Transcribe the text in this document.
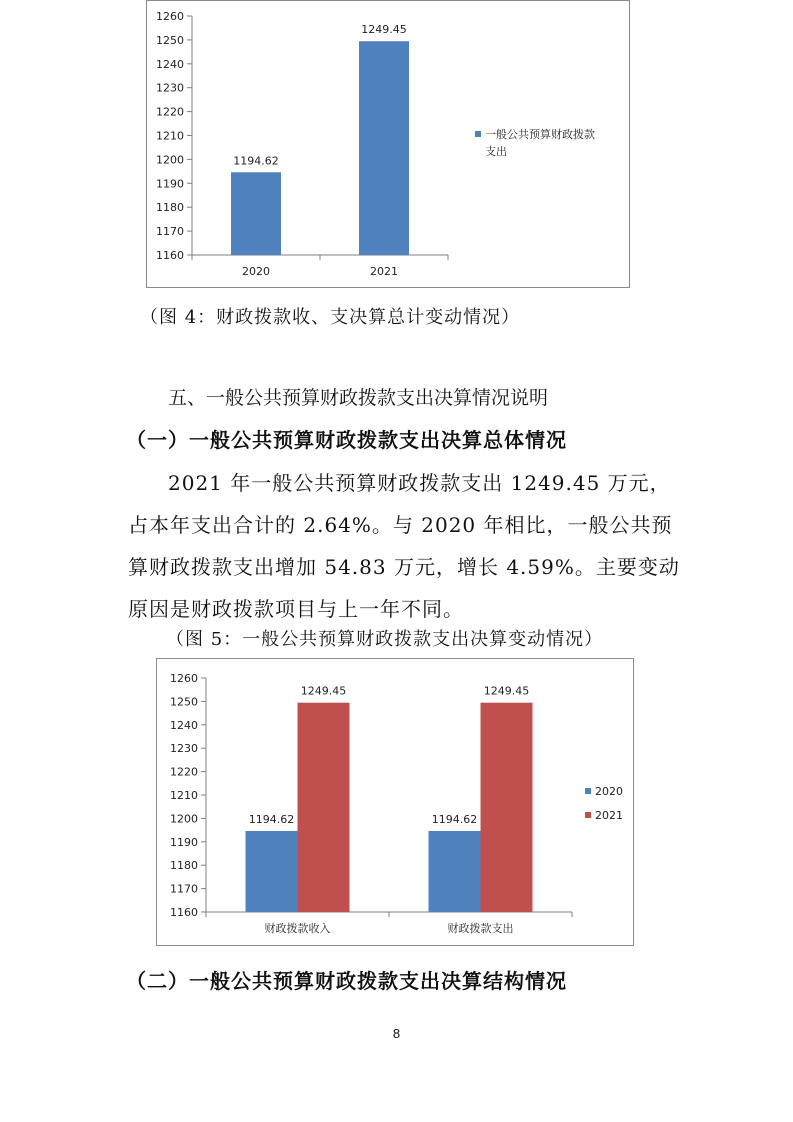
1160
1170
1180
1190
1200
1210
1220
1230
1240
1250
1260
2020
1194.62
2021
1249.45
一般公共预算财政拨款
支出
（图 4：财政拨款收、支决算总计变动情况）
五、一般公共预算财政拨款支出决算情况说明
（一）一般公共预算财政拨款支出决算总体情况

2021 年一般公共预算财政拨款支出 1249.45 万元，占本年支出合计的 2.64%。与 2020 年相比，一般公共预算财政拨款支出增加 54.83 万元，增长 4.59%。主要变动原因是财政拨款项目与上一年不同。

（图 5：一般公共预算财政拨款支出决算变动情况）
1160
1170
1180
1190
1200
1210
1220
1230
1240
1250
1260
财政拨款收入
1194.62
1249.45
财政拨款支出
1194.62
1249.45
2020
2021
（二）一般公共预算财政拨款支出决算结构情况
8
